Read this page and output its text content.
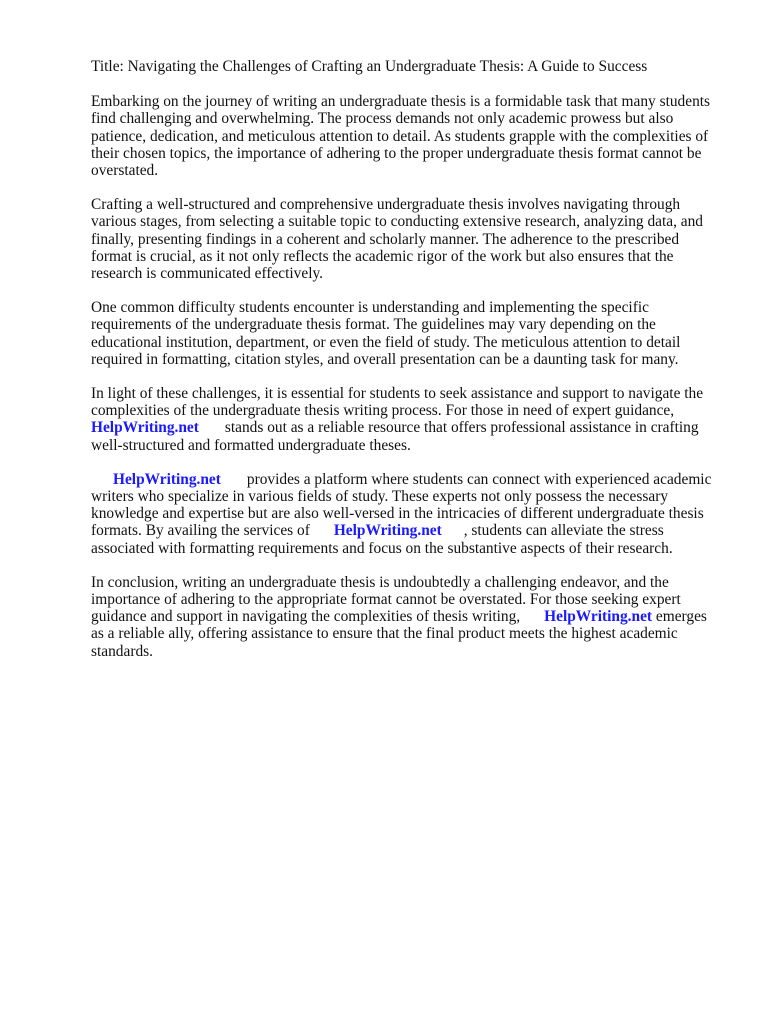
Title: Navigating the Challenges of Crafting an Undergraduate Thesis: A Guide to Success

Embarking on the journey of writing an undergraduate thesis is a formidable task that many students find challenging and overwhelming. The process demands not only academic prowess but also patience, dedication, and meticulous attention to detail. As students grapple with the complexities of their chosen topics, the importance of adhering to the proper undergraduate thesis format cannot be overstated.

Crafting a well-structured and comprehensive undergraduate thesis involves navigating through various stages, from selecting a suitable topic to conducting extensive research, analyzing data, and finally, presenting findings in a coherent and scholarly manner. The adherence to the prescribed format is crucial, as it not only reflects the academic rigor of the work but also ensures that the research is communicated effectively.

One common difficulty students encounter is understanding and implementing the specific requirements of the undergraduate thesis format. The guidelines may vary depending on the educational institution, department, or even the field of study. The meticulous attention to detail required in formatting, citation styles, and overall presentation can be a daunting task for many.

In light of these challenges, it is essential for students to seek assistance and support to navigate the complexities of the undergraduate thesis writing process. For those in need of expert guidance, HelpWriting.net stands out as a reliable resource that offers professional assistance in crafting well-structured and formatted undergraduate theses.

HelpWriting.net provides a platform where students can connect with experienced academic writers who specialize in various fields of study. These experts not only possess the necessary knowledge and expertise but are also well-versed in the intricacies of different undergraduate thesis formats. By availing the services of HelpWriting.net , students can alleviate the stress associated with formatting requirements and focus on the substantive aspects of their research.

In conclusion, writing an undergraduate thesis is undoubtedly a challenging endeavor, and the importance of adhering to the appropriate format cannot be overstated. For those seeking expert guidance and support in navigating the complexities of thesis writing, HelpWriting.net emerges as a reliable ally, offering assistance to ensure that the final product meets the highest academic standards.
